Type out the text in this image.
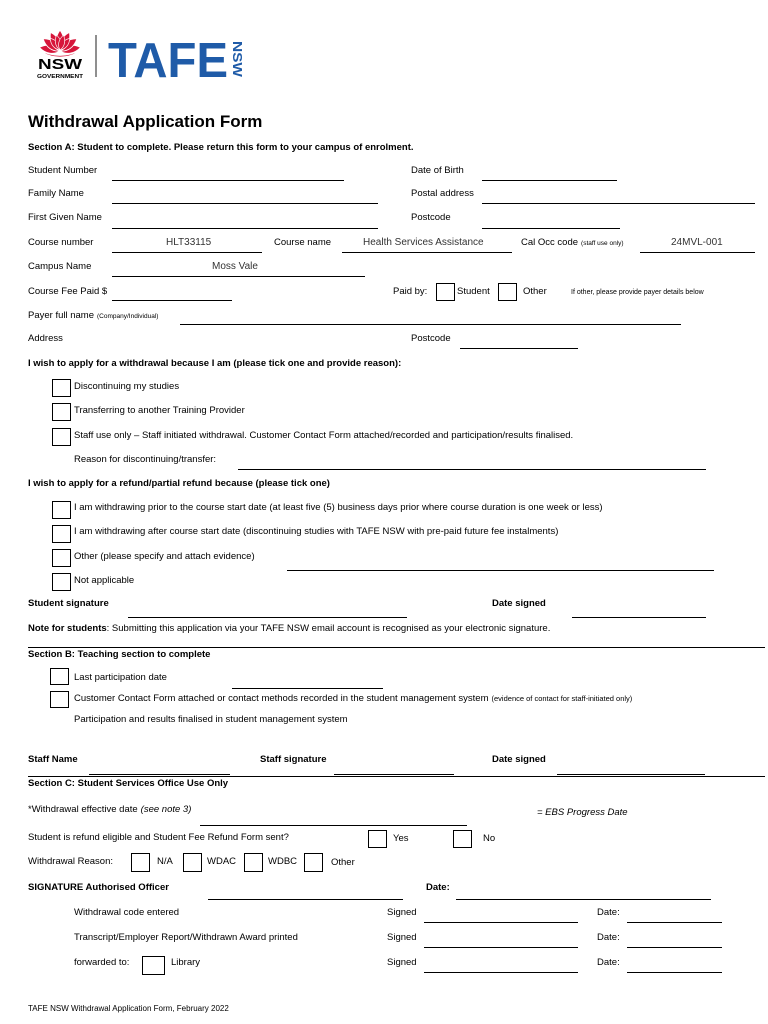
NSW
GOVERNMENT TAFE NSW
Withdrawal Application Form
Section A: Student to complete. Please return this form to your campus of enrolment.
Student Number	Date of Birth
Family Name	Postal address
First Given Name	Postcode
Course number	HLT33115	Course name	Health Services Assistance	Cal Occ code (staff use only)	24MVL-001
Campus Name	Moss Vale
Course Fee Paid $	Paid by:	Student	Other	If other, please provide payer details below
Payer full name (Company/Individual)
Address	Postcode
I wish to apply for a withdrawal because I am (please tick one and provide reason):
Discontinuing my studies
Transferring to another Training Provider
Staff use only – Staff initiated withdrawal. Customer Contact Form attached/recorded and participation/results finalised.
Reason for discontinuing/transfer:
I wish to apply for a refund/partial refund because (please tick one)
I am withdrawing prior to the course start date (at least five (5) business days prior where course duration is one week or less)
I am withdrawing after course start date (discontinuing studies with TAFE NSW with pre-paid future fee instalments)
Other (please specify and attach evidence)
Not applicable
Student signature	Date signed
Note for students: Submitting this application via your TAFE NSW email account is recognised as your electronic signature.
Section B: Teaching section to complete
Last participation date
Customer Contact Form attached or contact methods recorded in the student management system (evidence of contact for staff-initiated only)
Participation and results finalised in student management system
Staff Name	Staff signature	Date signed
Section C: Student Services Office Use Only
*Withdrawal effective date (see note 3)	= EBS Progress Date
Student is refund eligible and Student Fee Refund Form sent?	Yes	No
Withdrawal Reason:	N/A	WDAC	WDBC	Other
SIGNATURE Authorised Officer	Date:
Withdrawal code entered	Signed	Date:
Transcript/Employer Report/Withdrawn Award printed	Signed	Date:
forwarded to:	Library	Signed	Date:
TAFE NSW Withdrawal Application Form, February 2022
